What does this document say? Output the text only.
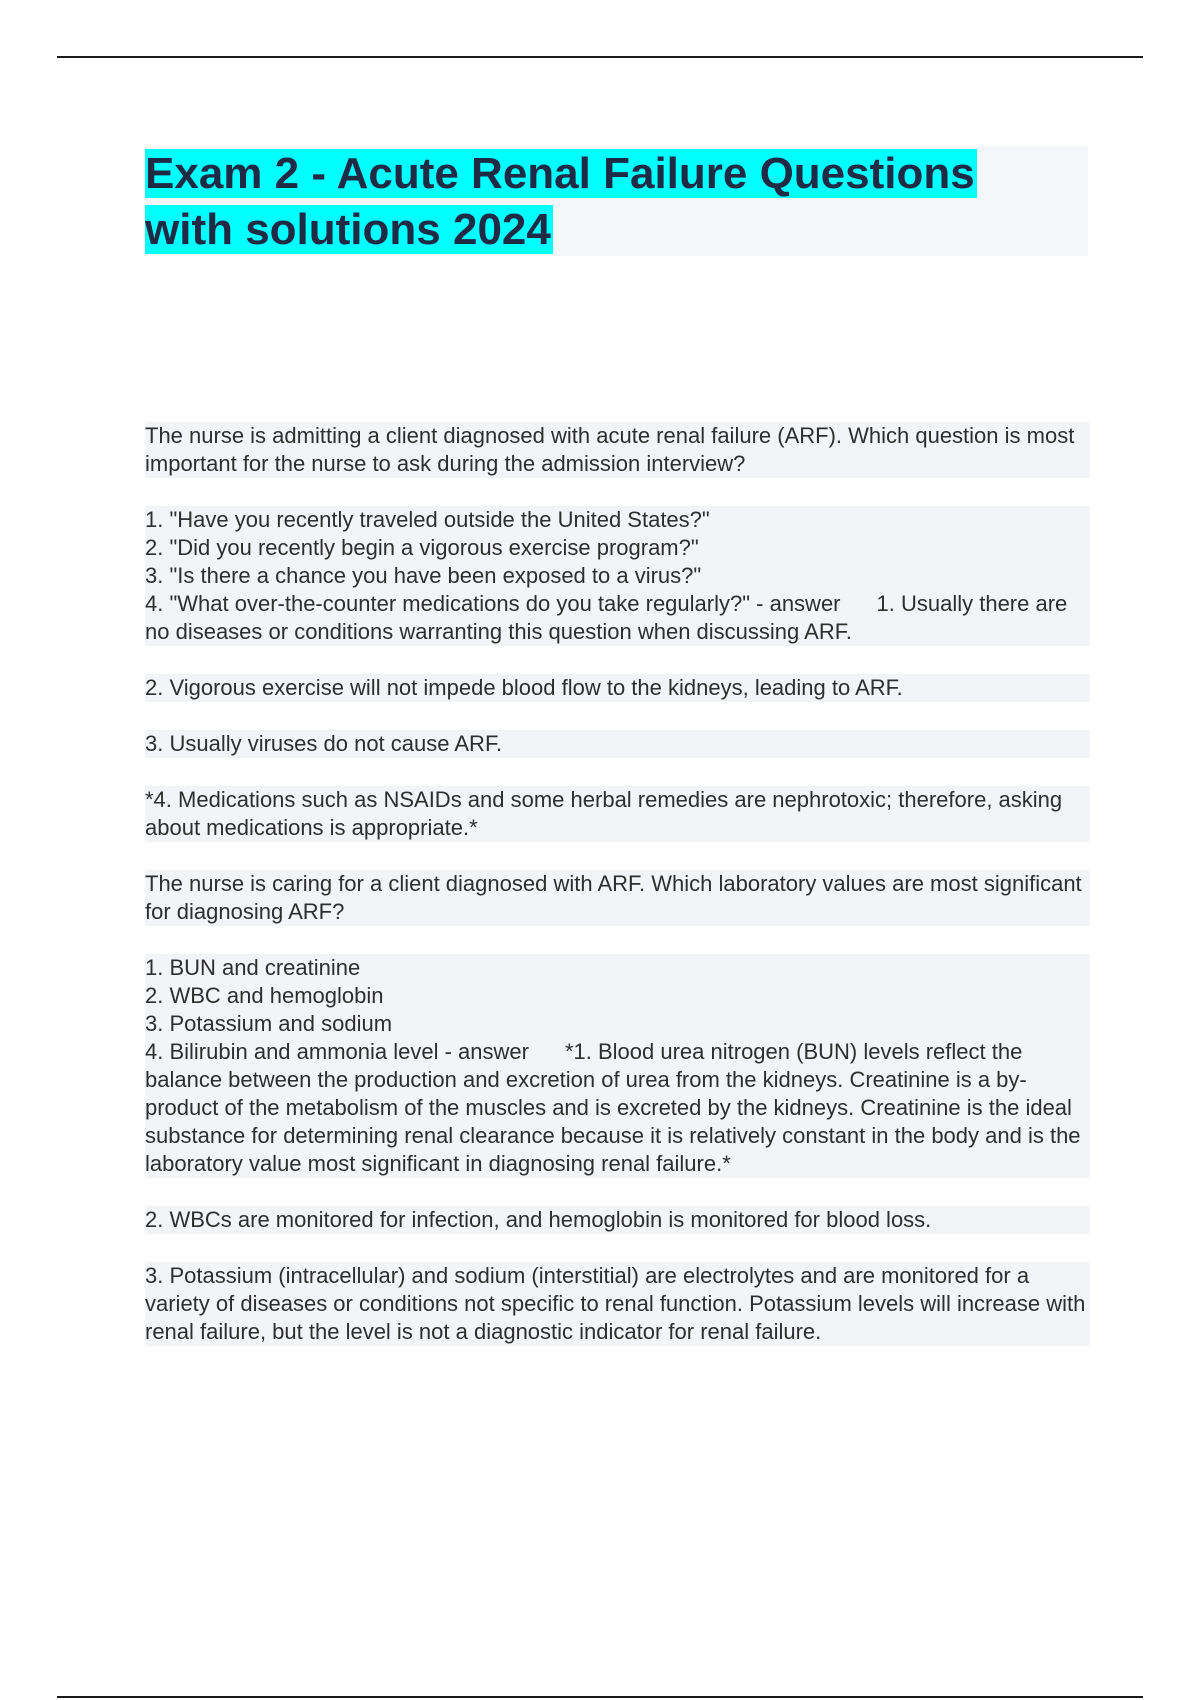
Exam 2 - Acute Renal Failure Questions
with solutions 2024

The nurse is admitting a client diagnosed with acute renal failure (ARF). Which question is most important for the nurse to ask during the admission interview?

1. "Have you recently traveled outside the United States?"

2. "Did you recently begin a vigorous exercise program?"

3. "Is there a chance you have been exposed to a virus?"

4. "What over-the-counter medications do you take regularly?" - answer 1. Usually there are no diseases or conditions warranting this question when discussing ARF.

2. Vigorous exercise will not impede blood flow to the kidneys, leading to ARF.

3. Usually viruses do not cause ARF.

*4. Medications such as NSAIDs and some herbal remedies are nephrotoxic; therefore, asking about medications is appropriate.*

The nurse is caring for a client diagnosed with ARF. Which laboratory values are most significant for diagnosing ARF?

1. BUN and creatinine

2. WBC and hemoglobin

3. Potassium and sodium

4. Bilirubin and ammonia level - answer *1. Blood urea nitrogen (BUN) levels reflect the balance between the production and excretion of urea from the kidneys. Creatinine is a by-product of the metabolism of the muscles and is excreted by the kidneys. Creatinine is the ideal substance for determining renal clearance because it is relatively constant in the body and is the laboratory value most significant in diagnosing renal failure.*

2. WBCs are monitored for infection, and hemoglobin is monitored for blood loss.

3. Potassium (intracellular) and sodium (interstitial) are electrolytes and are monitored for a variety of diseases or conditions not specific to renal function. Potassium levels will increase with renal failure, but the level is not a diagnostic indicator for renal failure.
